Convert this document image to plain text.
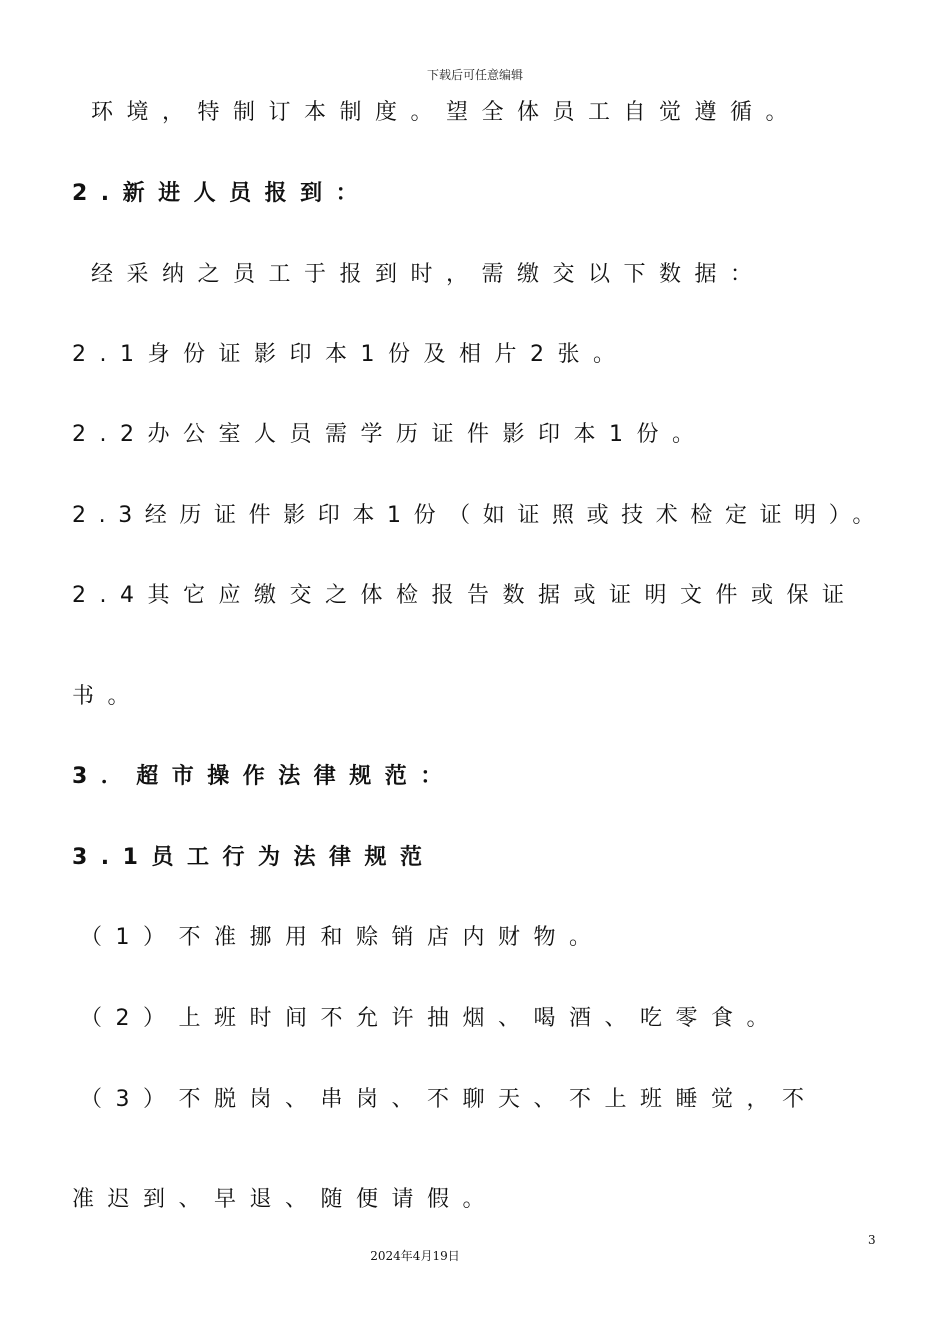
下载后可任意编辑
环境，特制订本制度。望全体员工自觉遵循。
2.新进人员报到：
经采纳之员工于报到时，需缴交以下数据：
2.1身份证影印本1份及相片2张。
2.2办公室人员需学历证件影印本1份。
2.3经历证件影印本1份（如证照或技术检定证明）。
2.4其它应缴交之体检报告数据或证明文件或保证
书。
3．超市操作法律规范：
3.1员工行为法律规范
（1）不准挪用和赊销店内财物。
（2）上班时间不允许抽烟、喝酒、吃零食。
（3）不脱岗、串岗、不聊天、不上班睡觉，不
准迟到、早退、随便请假。
3
2024年4月19日
